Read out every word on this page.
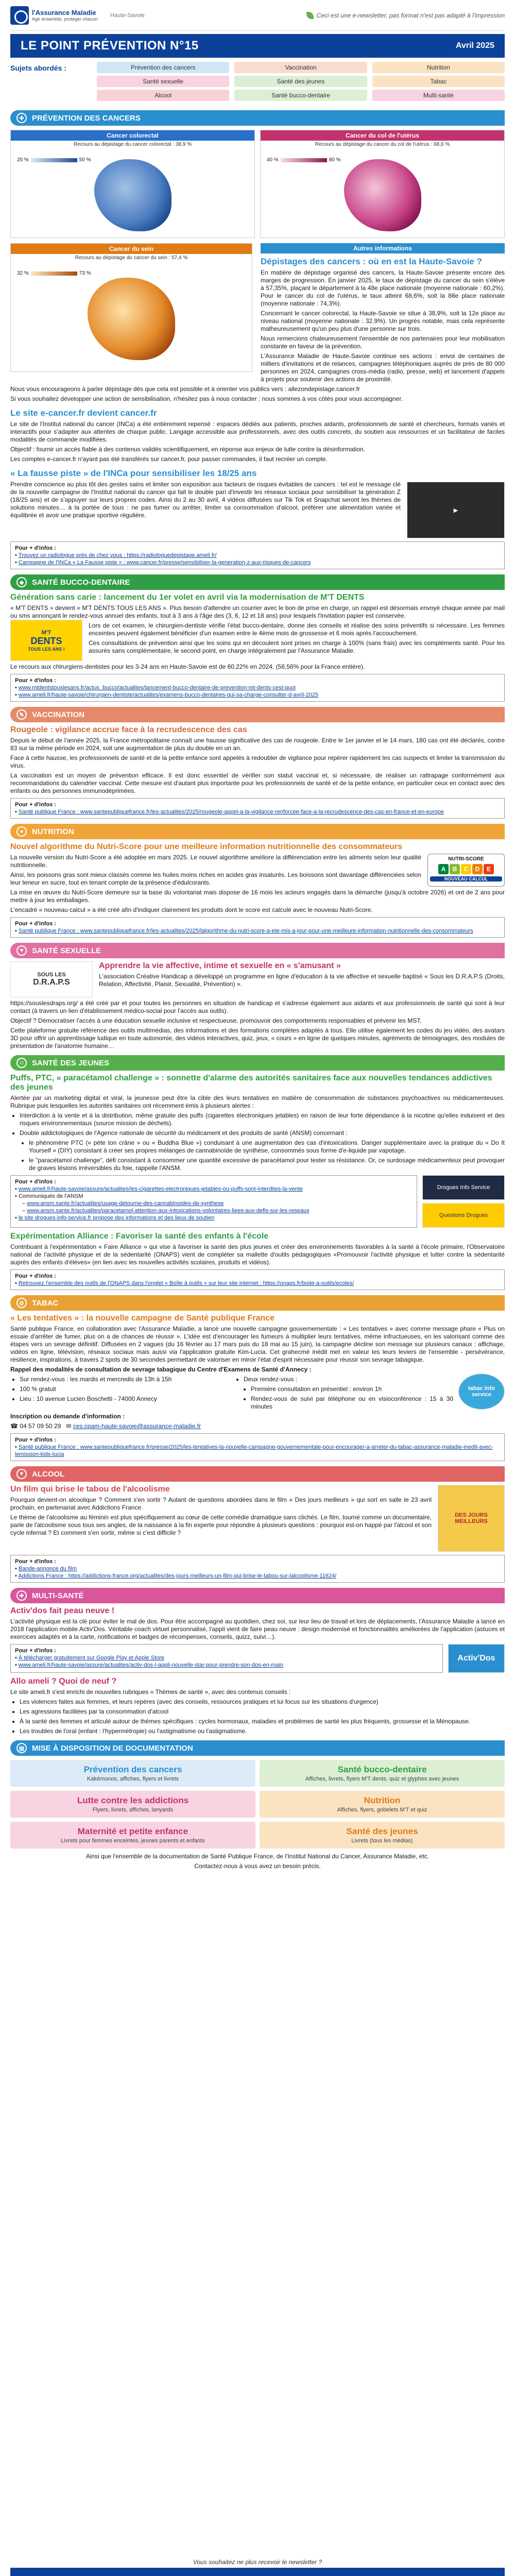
l'Assurance Maladie
Agir ensemble, protéger chacun
Haute-Savoie	Ceci est une e-newsletter, pas format n'est pas adapté à l'impression
LE POINT PRÉVENTION N°15	Avril 2025
Sujets abordés :	Prévention des cancers	Vaccination	Nutrition
Santé sexuelle	Santé des jeunes	Tabac
Alcool	Santé bucco-dentaire	Multi-santé
✚	PRÉVENTION DES CANCERS
Cancer colorectal
Recours au dépistage du cancer colorectal : 38,9 %
20 %	50 %
Cancer du col de l'utérus
Recours au dépistage du cancer du col de l'utérus : 68,6 %
40 %	80 %
Cancer du sein
Recours au dépistage du cancer du sein : 57,4 %
32 %	73 %
Autres informations
Dépistages des cancers : où en est la Haute-Savoie ?

En matière de dépistage organisé des cancers, la Haute-Savoie présente encore des marges de progression. En janvier 2025, le taux de dépistage du cancer du sein s'élève à 57,35%, plaçant le département à la 48e place nationale (moyenne nationale : 60,2%). Pour le cancer du col de l'utérus, le taux atteint 68,6%, soit la 88e place nationale (moyenne nationale : 74,3%).

Concernant le cancer colorectal, la Haute-Savoie se situe à 38,9%, soit la 12e place au niveau national (moyenne nationale : 32,9%). Un progrès notable, mais cela représente malheureusement qu'un peu plus d'une personne sur trois.

Nous remercions chaleureusement l'ensemble de nos partenaires pour leur mobilisation constante en faveur de la prévention.

L'Assurance Maladie de Haute-Savoie continue ses actions : envoi de centaines de milliers d'invitations et de relances, campagnes téléphoniques auprès de près de 80 000 personnes en 2024, campagnes cross-média (radio, presse, web) et lancement d'appels à projets pour soutenir des actions de proximité.

Nous vous encourageons à parler dépistage dès que cela est possible et à orienter vos publics vers : allezondepistage.cancer.fr

Si vous souhaitez développer une action de sensibilisation, n'hésitez pas à nous contacter : nous sommes à vos côtés pour vous accompagner.

Le site e-cancer.fr devient cancer.fr

Le site de l'Institut national du cancer (INCa) a été entièrement repensé : espaces dédiés aux patients, proches aidants, professionnels de santé et chercheurs, formats variés et interactifs pour s'adapter aux attentes de chaque public. Langage accessible aux professionnels, avec des outils concrets, du soutien aux ressources et un facilitateur de faciles modalités de commande modifiées.

Objectif : fournir un accès fiable à des contenus validés scientifiquement, en réponse aux enjeux de lutte contre la désinformation.

Les comptes e-cancer.fr n'ayant pas été transférés sur cancer.fr, pour passer commandes, il faut recréer un compte.

« La fausse piste » de l'INCa pour sensibiliser les 18/25 ans

Prendre conscience au plus tôt des gestes sains et limiter son exposition aux facteurs de risques évitables de cancers : tel est le message clé de la nouvelle campagne de l'Institut national du cancer qui fait le double pari d'investir les réseaux sociaux pour sensibiliser la génération Z (18/25 ans) et de s'appuyer sur leurs propres codes. Ainsi du 2 au 30 avril, 4 vidéos diffusées sur Tik Tok et Snapchat seront les thèmes de solutions minutes… à la portée de tous : ne pas fumer ou arrêter, limiter sa consommation d'alcool, préférer une alimentation variée et équilibrée et avoir une pratique sportive régulière.

▶
Pour + d'infos :
• Trouvez un radiologue près de chez vous : https://radiologuedepistage.ameli.fr/
• Campagne de l'INCa « La Fausse piste » : www.cancer.fr/presse/sensibiliser-la-generation-z-aux-risques-de-cancers
◆	SANTÉ BUCCO-DENTAIRE
Génération sans carie : lancement du 1er volet en avril via la modernisation de M'T DENTS

« M'T DENTS » devient « M'T DENTS TOUS LES ANS ». Plus besoin d'attendre un courrier avec le bon de prise en charge, un rappel est désormais envoyé chaque année par mail ou sms annonçant le rendez-vous annuel des enfants, tout à 3 ans à l'âge des (3, 6, 12 et 18 ans) pour lesquels l'invitation papier est conservée.

M'T
DENTS
TOUS LES ANS !

Lors de cet examen, le chirurgien-dentiste vérifie l'état bucco-dentaire, donne des conseils et réalise des soins préventifs si nécessaire. Les femmes enceintes peuvent également bénéficier d'un examen entre le 4ème mois de grossesse et 6 mois après l'accouchement.

Ces consultations de prévention ainsi que les soins qui en découlent sont prises en charge à 100% (sans frais) avec les compléments santé. Pour les assurés sans complémentaire, le second point, en charge intégralement par l'Assurance Maladie.

Le recours aux chirurgiens-dentistes pour les 3-24 ans en Haute-Savoie est de 60,22% en 2024. (56,56% pour la France entière).

Pour + d'infos :
• www.mtdentstouslesans.fr/actus_bucco/actualites/lancement-bucco-dentaire-de-prevention-mt-dents-cest-quoi
• www.ameli.fr/haute-savoie/chirurgien-dentiste/actualites/examens-bucco-dentaires-qui-sa-charge-consulter-d-avril-2025
✎	VACCINATION
Rougeole : vigilance accrue face à la recrudescence des cas

Depuis le début de l'année 2025, la France métropolitaine connaît une hausse significative des cas de rougeole. Entre le 1er janvier et le 14 mars, 180 cas ont été déclarés, contre 83 sur la même période en 2024, soit une augmentation de plus du double en un an.

Face à cette hausse, les professionnels de santé et de la petite enfance sont appelés à redoubler de vigilance pour repérer rapidement les cas suspects et limiter la transmission du virus.

La vaccination est un moyen de prévention efficace. Il est donc essentiel de vérifier son statut vaccinal et, si nécessaire, de réaliser un rattrapage conformément aux recommandations du calendrier vaccinal. Cette mesure est d'autant plus importante pour les professionnels de santé et de la petite enfance, en particulier ceux en contact avec des enfants ou des personnes immunodéprimées.

Pour + d'infos :
• Santé publique France : www.santepubliquefrance.fr/les-actualites/2025/rougeole-appel-a-la-vigilance-renforcee-face-a-la-recrudescence-des-cas-en-france-et-en-europe
●	NUTRITION
Nouvel algorithme du Nutri-Score pour une meilleure information nutritionnelle des consommateurs

La nouvelle version du Nutri-Score a été adoptée en mars 2025. Le nouvel algorithme améliore la différenciation entre les aliments selon leur qualité nutritionnelle.

Ainsi, les poissons gras sont mieux classés comme les huiles moins riches en acides gras insaturés. Les boissons sont davantage différenciées selon leur teneur en sucre, tout en tenant compte de la présence d'édulcorants.

NUTRI-SCORE
A	B	C	D	E
NOUVEAU CALCUL

La mise en œuvre du Nutri-Score demeure sur la base du volontariat mais dispose de 16 mois les acteurs engagés dans la démarche (jusqu'à octobre 2026) et ont de 2 ans pour mettre à jour les emballages.

L'encadré « nouveau calcul » a été créé afin d'indiquer clairement les produits dont le score est calculé avec le nouveau Nutri-Score.

Pour + d'infos :
• Santé publique France : www.santepubliquefrance.fr/les-actualites/2025/lalgorithme-du-nutri-score-a-ete-mis-a-jour-pour-une-meilleure-information-nutritionnelle-des-consommateurs
♥	SANTÉ SEXUELLE
SOUS LES
D.R.A.P.S
Apprendre la vie affective, intime et sexuelle en « s'amusant »

L'association Créative Handicap a développé un programme en ligne d'éducation à la vie affective et sexuelle baptisé « Sous les D.R.A.P.S (Droits, Relation, Affectivité, Plaisir, Sexualité, Prévention) ».

https://souslesdraps.org/ a été créé par et pour toutes les personnes en situation de handicap et s'adresse également aux aidants et aux professionnels de santé qui sont à leur contact (à travers un lien d'établissement médico-social pour l'accès aux outils).

Objectif ? Démocratiser l'accès à une éducation sexuelle inclusive et respectueuse, promouvoir des comportements responsables et prévenir les MST.

Cette plateforme gratuite référence des outils multimédias, des informations et des formations complètes adaptés à tous. Elle utilise également les codes du jeu vidéo, des avatars 3D pour offrir un apprentissage ludique en toute autonomie, des vidéos interactives, quiz, jeux, « cours » en ligne de quelques minutes, agréments de témoignages, des modules de présentation de l'anatomie humaine…

☺ SANTÉ DES JEUNES
Puffs, PTC, « paracétamol challenge » : sonnette d'alarme des autorités sanitaires face aux nouvelles tendances addictives des jeunes

Alertée par un marketing digital et viral, la jeunesse peut être la cible des leurs tentatives en matière de consommation de substances psychoactives ou médicamenteuses. Rubrique puis lesquelles les autorités sanitaires ont récemment émis à plusieurs alertes :

• Interdiction à la vente et à la distribution, même gratuite des puffs (cigarettes électroniques jetables) en raison de leur forte dépendance à la nicotine qu'elles induisent et des risques environnementaux (source mission de déchets).
• Double addictologiques de l'Agence nationale de sécurité du médicament et des produits de santé (ANSM) concernant :
• le phénomène PTC (« pète ton crâne » ou « Buddha Blue ») conduisant à une augmentation des cas d'intoxications. Danger supplémentaire avec la pratique du « Do It Yourself » (DIY) consistant à créer ses propres mélanges de cannabinoïde de synthèse, consommés sous forme d'e-liquide par vapotage.
• le "paracétamol challenge", défi consistant à consommer une quantité excessive de paracétamol pour tester sa résistance. Or, ce surdosage médicamenteux peut provoquer de graves lésions irréversibles du foie, rappelle l'ANSM.
Pour + d'infos :
• www.ameli.fr/haute-savoie/assure/actualites/les-cigarettes-electroniques-jetables-ou-puffs-sont-interdites-la-vente
• Communiqués de l'ANSM
– www.ansm.sante.fr/actualites/usage-detourne-des-cannabinoides-de-synthese
– www.ansm.sante.fr/actualites/paracetamol-attention-aux-intoxications-volontaires-liees-aux-defis-sur-les-reseaux
• le site drogues-info-service.fr propose des informations et des lieux de soutien
Drogues Info Service
Questions Drogues
Expérimentation Alliance : Favoriser la santé des enfants à l'école

Contribuant à l'expérimentation « Faire Alliance » qui vise à favoriser la santé des plus jeunes et créer des environnements favorables à la santé à l'école primaire, l'Observatoire national de l'activité physique et de la sédentarité (ONAPS) vient de compléter sa mallette d'outils pédagogiques «Promouvoir l'activité physique et lutter contre la sédentarité auprès des enfants d'élèves» (en lien avec les nouvelles activités scolaires, produits et vidéos).

Pour + d'infos :
• Retrouvez l'ensemble des outils de l'ONAPS dans l'onglet « Boîte à outils » sur leur site internet : https://onaps.fr/boite-a-outils/ecoles/
⊘	TABAC
« Les tentatives » : la nouvelle campagne de Santé publique France

Santé publique France, en collaboration avec l'Assurance Maladie, a lancé une nouvelle campagne gouvernementale : « Les tentatives » avec comme message phare « Plus on essaie d'arrêter de fumer, plus on a de chances de réussir ». L'idée est d'encourager les fumeurs à multiplier leurs tentatives, même infructueuses, en les valorisant comme des étapes vers un sevrage définitif. Diffusées en 2 vagues (du 16 février au 17 mars puis du 18 mai au 15 juin), la campagne décline son message sur plusieurs canaux : affichage, vidéos en ligne, télévision, réseaux sociaux mais aussi via l'application gratuite Kim-Lucia. Cet grahecmé inédit met en valeur les leurs leviers de l'ensemble - persévérance, résilience, inspirations, à travers 2 spots de 30 secondes permettant de valoriser en miroir l'état d'esprit nécessaire pour réussir son sevrage tabagique.

Rappel des modalités de consultation de sevrage tabagique du Centre d'Examens de Santé d'Annecy :

• Sur rendez-vous : les mardis et mercredis de 13h à 15h
• 100 % gratuit
• Lieu : 10 avenue Lucien Boschetti - 74000 Annecy
• Deux rendez-vous :
• Première consultation en présentiel : environ 1h
• Rendez-vous de suivi par téléphone ou en visioconférence : 15 à 30 minutes
tabac info service
Inscription ou demande d'information :
☎ 04 57 09 50 29 ✉ ces.cpam-haute-savoie@assurance-maladie.fr
Pour + d'infos :
• Santé publique France : www.santepubliquefrance.fr/presse/2025/les-tentatives-la-nouvelle-campagne-gouvernementale-pour-encourager-a-arreter-du-tabac-assurance-maladie-inedit-avec-lemission-kids-lucia
▼ ALCOOL
Un film qui brise le tabou de l'alcoolisme

Pourquoi devient-on alcoolique ? Comment s'en sortir ? Autant de questions abordées dans le film « Des jours meilleurs » qui sort en salle le 23 avril prochain, en partenariat avec Addictions France.

Le thème de l'alcoolisme au féminin est plus spécifiquement au cœur de cette comédie dramatique sans clichés. Le film, tourné comme un documentaire, parle de l'alcoolisme sous tous ses angles, de la naissance à la fin experte pour répondre à plusieurs questions : pourquoi est-on happé par l'alcool et son cycle infernal ? Et comment s'en sortir, même si c'est difficile ?

DES JOURS MEILLEURS
Pour + d'infos :
• Bande-annonce du film
• Addictions France : https://addictions-france.org/actualites/des-jours-meilleurs-un-film-qui-brise-le-tabou-sur-lalcoolisme-11624/
✚	MULTI-SANTÉ
Activ'dos fait peau neuve !

L'activité physique est la clé pour éviter le mal de dos. Pour être accompagné au quotidien, chez soi, sur leur lieu de travail et lors de déplacements, l'Assurance Maladie a lancé en 2018 l'application mobile Activ'Dos. Véritable coach virtuel personnalisé, l'appli vient de faire peau neuve : design modernisé et fonctionnalités améliorées de l'application (astuces et exercices adaptés et à la carte, notifications et badges de récompenses, conseils, quizz, suivi…).

Pour + d'infos :
• À télécharger gratuitement sur Google Play et Apple Store
• www.ameli.fr/haute-savoie/assure/actualites/activ-dos-l-appli-nouvelle-star-pour-prendre-son-dos-en-main
Activ' Dos
Allo ameli ? Quoi de neuf ?

Le site ameli.fr s'est enrichi de nouvelles rubriques « Thèmes de santé », avec des contenus conseils :

• Les violences faites aux femmes, et leurs repères (avec des conseils, ressources pratiques et lui focus sur les situations d'urgence)
• Les agressions facilitées par la consommation d'alcool
• À la santé des femmes et articulé autour de thèmes spécifiques : cycles hormonaux, maladies et problèmes de santé les plus fréquents, grossesse et la Ménopause.
• Les troubles de l'oral (enfant : l'hypermétropie) ou l'astigmatisme ou l'astigmatisme.
▤ MISE À DISPOSITION DE DOCUMENTATION
Prévention des cancers
Kakémonos, affiches, flyers et livrets
Santé bucco-dentaire
Affiches, livrets, flyers M'T dents, quiz et glyphes avec jeunes
Lutte contre les addictions
Flyers, livrets, affiches, lanyards
Nutrition
Affiches, flyers, gobelets M'T et quiz
Maternité et petite enfance
Livrets pour femmes enceintes, jeunes parents et enfants
Santé des jeunes
Livrets (tous les médias)

Ainsi que l'ensemble de la documentation de Santé Publique France, de l'Institut National du Cancer, Assurance Maladie, etc.

Contactez-nous à vous avez un besoin précis.

Vous souhaitez ne plus recevoir le newsletter ?
